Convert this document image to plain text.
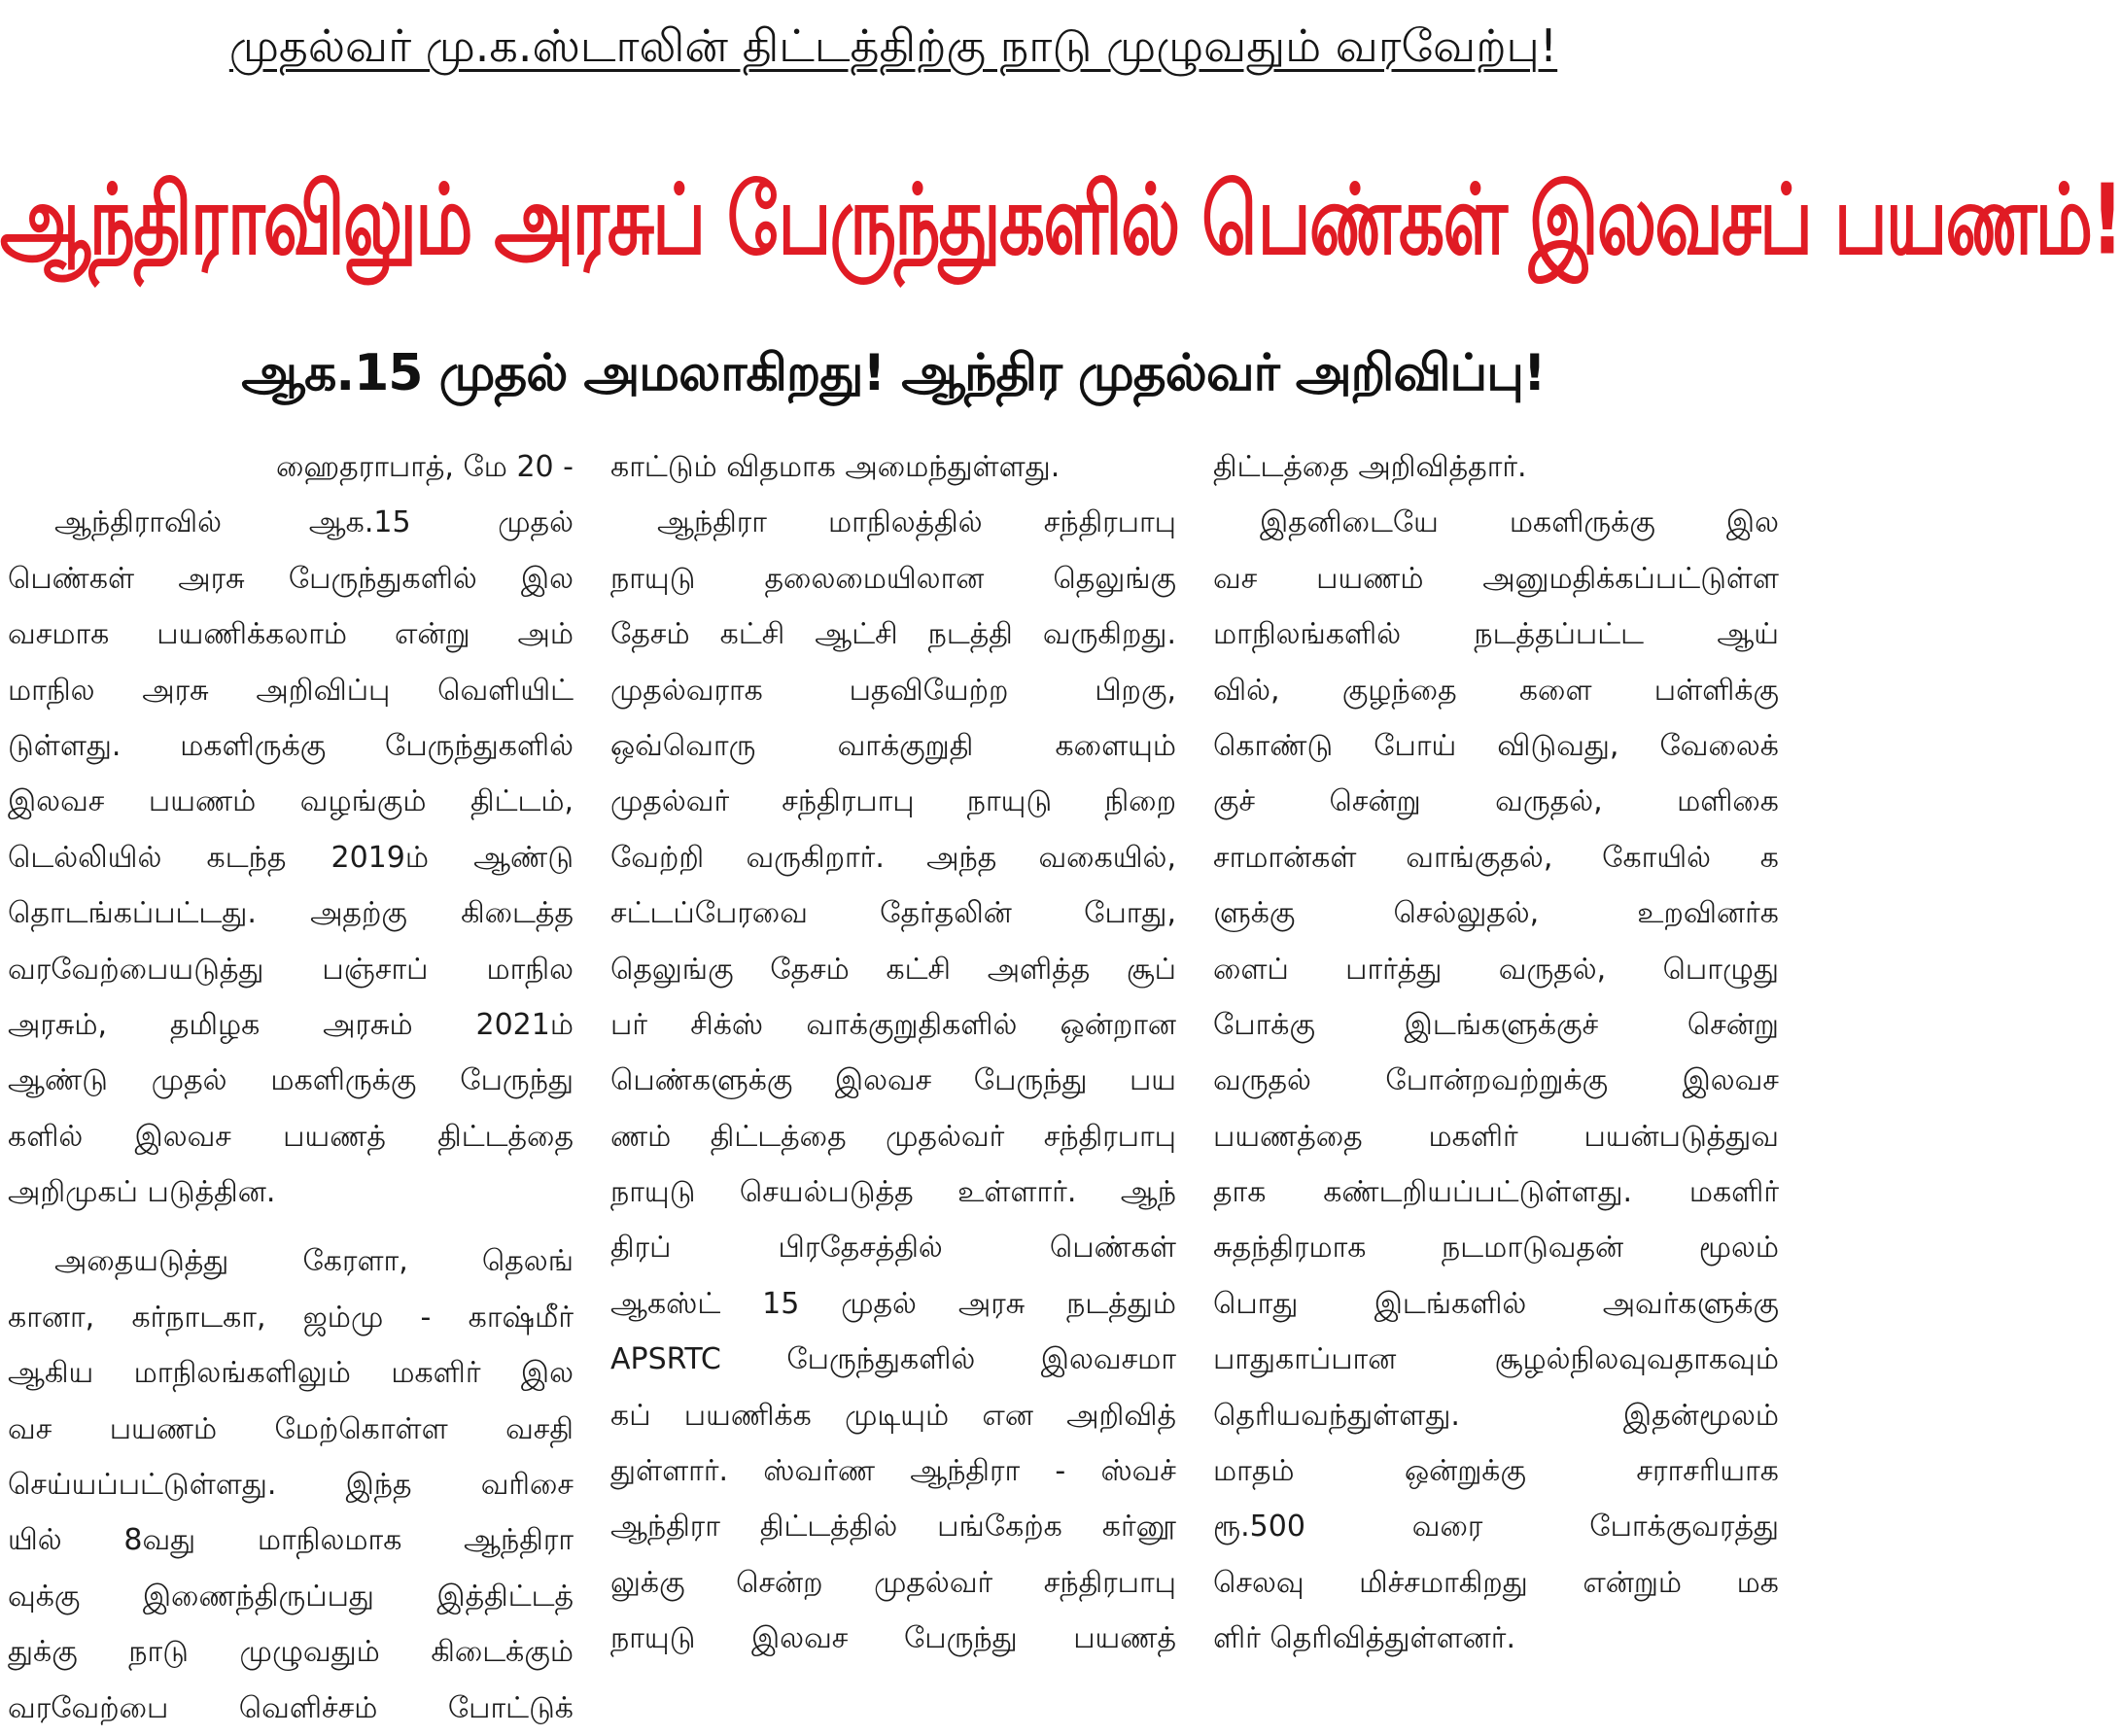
முதல்வர் மு.க.ஸ்டாலின் திட்டத்திற்கு நாடு முழுவதும் வரவேற்பு!
ஆந்திராவிலும் அரசுப் பேருந்துகளில் பெண்கள் இலவசப் பயணம்!
ஆக.15 முதல் அமலாகிறது! ஆந்திர முதல்வர் அறிவிப்பு!
ஹைதராபாத், மே 20 -
ஆந்திராவில் ஆக.15 முதல்
பெண்கள் அரசு பேருந்துகளில் இல
வசமாக பயணிக்கலாம் என்று அம்
மாநில அரசு அறிவிப்பு வெளியிட்
டுள்ளது. மகளிருக்கு பேருந்துகளில்
இலவச பயணம் வழங்கும் திட்டம்,
டெல்லியில் கடந்த 2019ம் ஆண்டு
தொடங்கப்பட்டது. அதற்கு கிடைத்த
வரவேற்பையடுத்து பஞ்சாப் மாநில
அரசும், தமிழக அரசும் 2021ம்
ஆண்டு முதல் மகளிருக்கு பேருந்து
களில் இலவச பயணத் திட்டத்தை
அறிமுகப் படுத்தின.
அதையடுத்து கேரளா, தெலங்
கானா, கர்நாடகா, ஜம்மு - காஷ்மீர்
ஆகிய மாநிலங்களிலும் மகளிர் இல
வச பயணம் மேற்கொள்ள வசதி
செய்யப்பட்டுள்ளது. இந்த வரிசை
யில் 8வது மாநிலமாக ஆந்திரா
வுக்கு இணைந்திருப்பது இத்திட்டத்
துக்கு நாடு முழுவதும் கிடைக்கும்
வரவேற்பை வெளிச்சம் போட்டுக்
காட்டும் விதமாக அமைந்துள்ளது.
ஆந்திரா மாநிலத்தில் சந்திரபாபு
நாயுடு தலைமையிலான தெலுங்கு
தேசம் கட்சி ஆட்சி நடத்தி வருகிறது.
முதல்வராக பதவியேற்ற பிறகு,
ஒவ்வொரு வாக்குறுதி களையும்
முதல்வர் சந்திரபாபு நாயுடு நிறை
வேற்றி வருகிறார். அந்த வகையில்,
சட்டப்பேரவை தேர்தலின் போது,
தெலுங்கு தேசம் கட்சி அளித்த சூப்
பர் சிக்ஸ் வாக்குறுதிகளில் ஒன்றான
பெண்களுக்கு இலவச பேருந்து பய
ணம் திட்டத்தை முதல்வர் சந்திரபாபு
நாயுடு செயல்படுத்த உள்ளார். ஆந்
திரப் பிரதேசத்தில் பெண்கள்
ஆகஸ்ட் 15 முதல் அரசு நடத்தும்
APSRTC பேருந்துகளில் இலவசமா
கப் பயணிக்க முடியும் என அறிவித்
துள்ளார். ஸ்வர்ண ஆந்திரா - ஸ்வச்
ஆந்திரா திட்டத்தில் பங்கேற்க கர்னூ
லுக்கு சென்ற முதல்வர் சந்திரபாபு
நாயுடு இலவச பேருந்து பயணத்
திட்டத்தை அறிவித்தார்.
இதனிடையே மகளிருக்கு இல
வச பயணம் அனுமதிக்கப்பட்டுள்ள
மாநிலங்களில் நடத்தப்பட்ட ஆய்
வில், குழந்தை களை பள்ளிக்கு
கொண்டு போய் விடுவது, வேலைக்
குச் சென்று வருதல், மளிகை
சாமான்கள் வாங்குதல், கோயில் க
ளுக்கு செல்லுதல், உறவினர்க
ளைப் பார்த்து வருதல், பொழுது
போக்கு இடங்களுக்குச் சென்று
வருதல் போன்றவற்றுக்கு இலவச
பயணத்தை மகளிர் பயன்படுத்துவ
தாக கண்டறியப்பட்டுள்ளது. மகளிர்
சுதந்திரமாக நடமாடுவதன் மூலம்
பொது இடங்களில் அவர்களுக்கு
பாதுகாப்பான சூழல்நிலவுவதாகவும்
தெரியவந்துள்ளது. இதன்மூலம்
மாதம் ஒன்றுக்கு சராசரியாக
ரூ.500 வரை போக்குவரத்து
செலவு மிச்சமாகிறது என்றும் மக
ளிர் தெரிவித்துள்ளனர்.
